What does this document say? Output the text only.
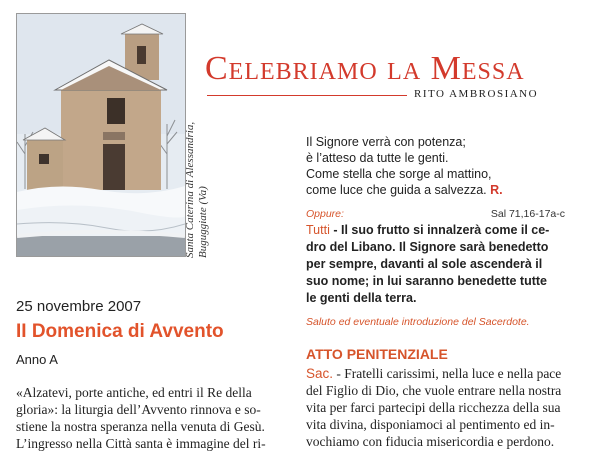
Santa Caterina di Alessandria, Buguggiate (Va)
Celebriamo la Messa
RITO AMBROSIANO
25 novembre 2007
II Domenica di Avvento
Anno A
«Alzatevi, porte antiche, ed entri il Re della
gloria»: la liturgia dell’Avvento rinnova e so-
stiene la nostra speranza nella venuta di Gesù.
L’ingresso nella Città santa è immagine del ri-
Il Signore verrà con potenza;
è l’atteso da tutte le genti.
Come stella che sorge al mattino,
come luce che guida a salvezza. R.
Oppure:	Sal 71,16-17a-c
Tutti - Il suo frutto si innalzerà come il ce-
dro del Libano. Il Signore sarà benedetto
per sempre, davanti al sole ascenderà il
suo nome; in lui saranno benedette tutte
le genti della terra.
Saluto ed eventuale introduzione del Sacerdote.
ATTO PENITENZIALE
Sac. - Fratelli carissimi, nella luce e nella pace
del Figlio di Dio, che vuole entrare nella nostra
vita per farci partecipi della ricchezza della sua
vita divina, disponiamoci al pentimento ed in-
vochiamo con fiducia misericordia e perdono.
